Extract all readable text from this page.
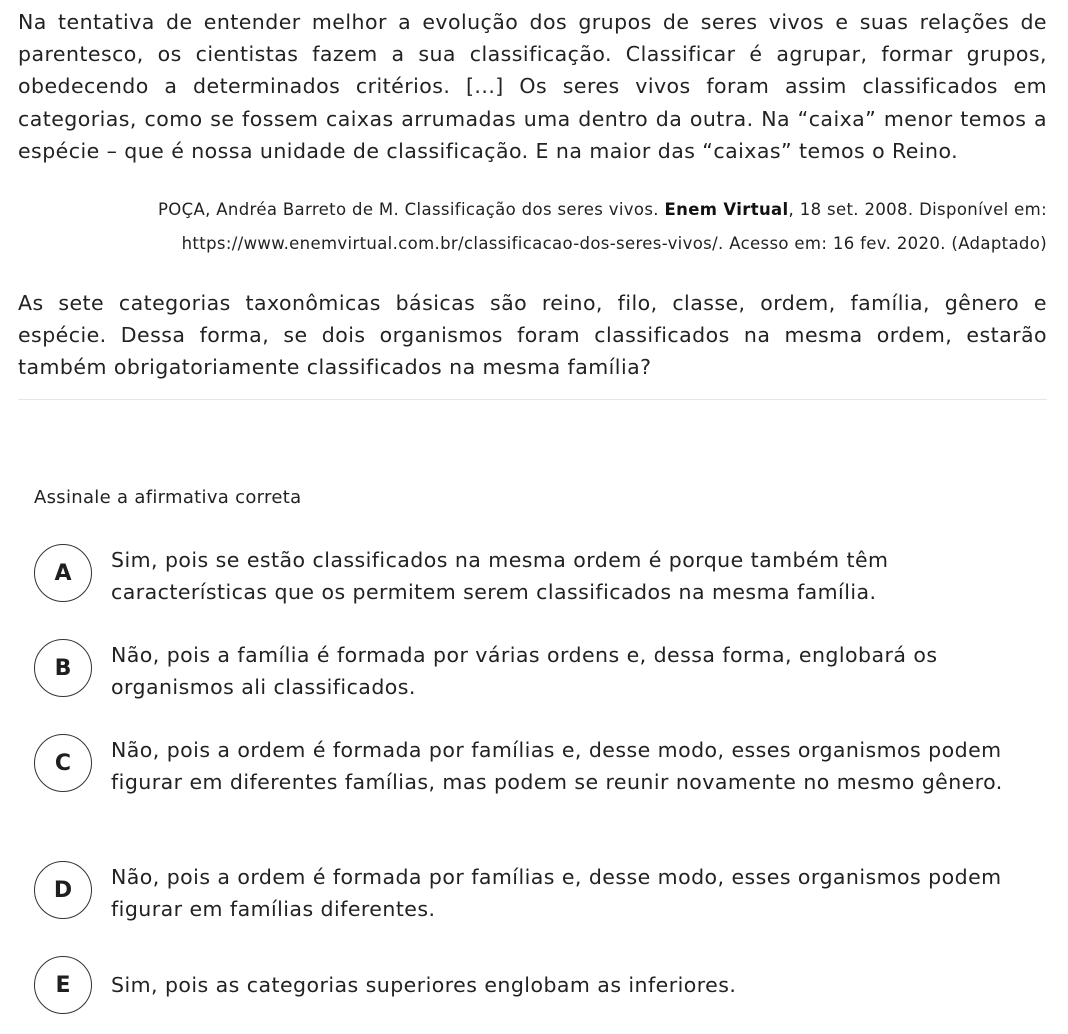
Na tentativa de entender melhor a evolução dos grupos de seres vivos e suas relações de parentesco, os cientistas fazem a sua classificação. Classificar é agrupar, formar grupos, obedecendo a determinados critérios. [...] Os seres vivos foram assim classificados em categorias, como se fossem caixas arrumadas uma dentro da outra. Na “caixa” menor temos a espécie – que é nossa unidade de classificação. E na maior das “caixas” temos o Reino.

POÇA, Andréa Barreto de M. Classificação dos seres vivos. Enem Virtual, 18 set. 2008. Disponível em:
https://www.enemvirtual.com.br/classificacao-dos-seres-vivos/. Acesso em: 16 fev. 2020. (Adaptado)

As sete categorias taxonômicas básicas são reino, filo, classe, ordem, família, gênero e espécie. Dessa forma, se dois organismos foram classificados na mesma ordem, estarão também obrigatoriamente classificados na mesma família?

Assinale a afirmativa correta
A
Sim, pois se estão classificados na mesma ordem é porque também têm características que os permitem serem classificados na mesma família.
B
Não, pois a família é formada por várias ordens e, dessa forma, englobará os organismos ali classificados.
C
Não, pois a ordem é formada por famílias e, desse modo, esses organismos podem figurar em diferentes famílias, mas podem se reunir novamente no mesmo gênero.
D
Não, pois a ordem é formada por famílias e, desse modo, esses organismos podem figurar em famílias diferentes.
E	Sim, pois as categorias superiores englobam as inferiores.
